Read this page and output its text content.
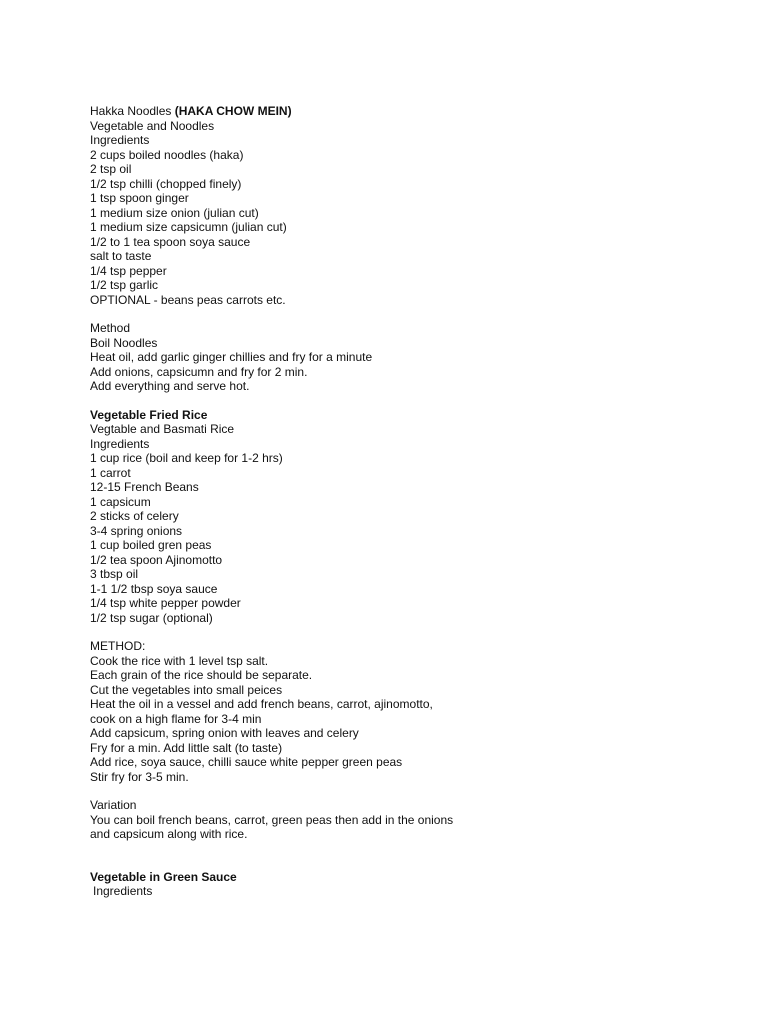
Hakka Noodles (HAKA CHOW MEIN)
Vegetable and Noodles
Ingredients
2 cups boiled noodles (haka)
2 tsp oil
1/2 tsp chilli (chopped finely)
1 tsp spoon ginger
1 medium size onion (julian cut)
1 medium size capsicumn (julian cut)
1/2 to 1 tea spoon soya sauce
salt to taste
1/4 tsp pepper
1/2 tsp garlic
OPTIONAL - beans peas carrots etc.
Method
Boil Noodles
Heat oil, add garlic ginger chillies and fry for a minute
Add onions, capsicumn and fry for 2 min.
Add everything and serve hot.
Vegetable Fried Rice
Vegtable and Basmati Rice
Ingredients
1 cup rice (boil and keep for 1-2 hrs)
1 carrot
12-15 French Beans
1 capsicum
2 sticks of celery
3-4 spring onions
1 cup boiled gren peas
1/2 tea spoon Ajinomotto
3 tbsp oil
1-1 1/2 tbsp soya sauce
1/4 tsp white pepper powder
1/2 tsp sugar (optional)
METHOD:
Cook the rice with 1 level tsp salt.
Each grain of the rice should be separate.
Cut the vegetables into small peices
Heat the oil in a vessel and add french beans, carrot, ajinomotto,
cook on a high flame for 3-4 min
Add capsicum, spring onion with leaves and celery
Fry for a min. Add little salt (to taste)
Add rice, soya sauce, chilli sauce white pepper green peas
Stir fry for 3-5 min.
Variation
You can boil french beans, carrot, green peas then add in the onions
and capsicum along with rice.
Vegetable in Green Sauce
Ingredients
